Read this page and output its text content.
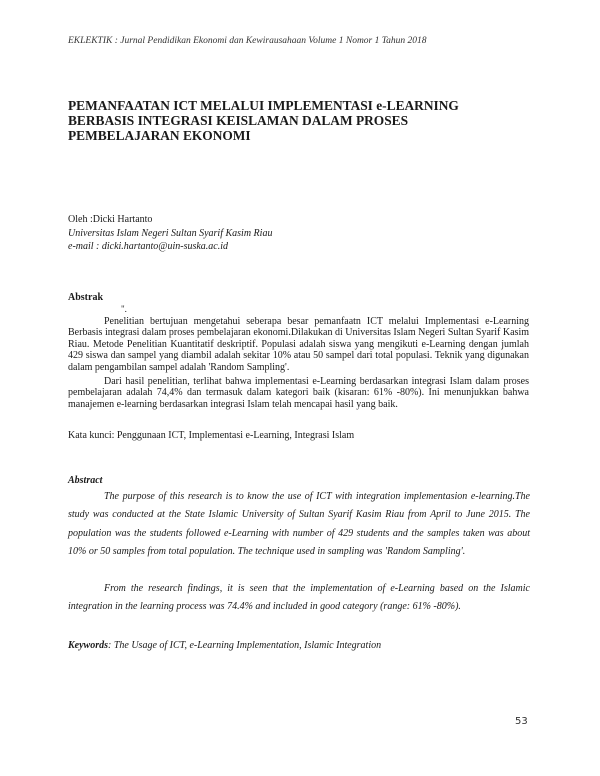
EKLEKTIK : Jurnal Pendidikan Ekonomi dan Kewirausahaan Volume 1 Nomor 1 Tahun 2018
PEMANFAATAN ICT MELALUI IMPLEMENTASI e-LEARNING
BERBASIS INTEGRASI KEISLAMAN DALAM PROSES
PEMBELAJARAN EKONOMI
Oleh :Dicki Hartanto
Universitas Islam Negeri Sultan Syarif Kasim Riau
e-mail : dicki.hartanto@uin-suska.ac.id
Abstrak
".

Penelitian bertujuan mengetahui seberapa besar pemanfaatn ICT melalui Implementasi e-Learning Berbasis integrasi dalam proses pembelajaran ekonomi.Dilakukan di Universitas Islam Negeri Sultan Syarif Kasim Riau. Metode Penelitian Kuantitatif deskriptif. Populasi adalah siswa yang mengikuti e-Learning dengan jumlah 429 siswa dan sampel yang diambil adalah sekitar 10% atau 50 sampel dari total populasi. Teknik yang digunakan dalam pengambilan sampel adalah 'Random Sampling'.

Dari hasil penelitian, terlihat bahwa implementasi e-Learning berdasarkan integrasi Islam dalam proses pembelajaran adalah 74,4% dan termasuk dalam kategori baik (kisaran: 61% -80%). Ini menunjukkan bahwa manajemen e-learning berdasarkan integrasi Islam telah mencapai hasil yang baik.

Kata kunci: Penggunaan ICT, Implementasi e-Learning, Integrasi Islam
Abstract

The purpose of this research is to know the use of ICT with integration implementasion e-learning.The study was conducted at the State Islamic University of Sultan Syarif Kasim Riau from April to June 2015. The population was the students followed e-Learning with number of 429 students and the samples taken was about 10% or 50 samples from total population. The technique used in sampling was 'Random Sampling'.

From the research findings, it is seen that the implementation of e-Learning based on the Islamic integration in the learning process was 74.4% and included in good category (range: 61% -80%).

Keywords: The Usage of ICT, e-Learning Implementation, Islamic Integration
53
